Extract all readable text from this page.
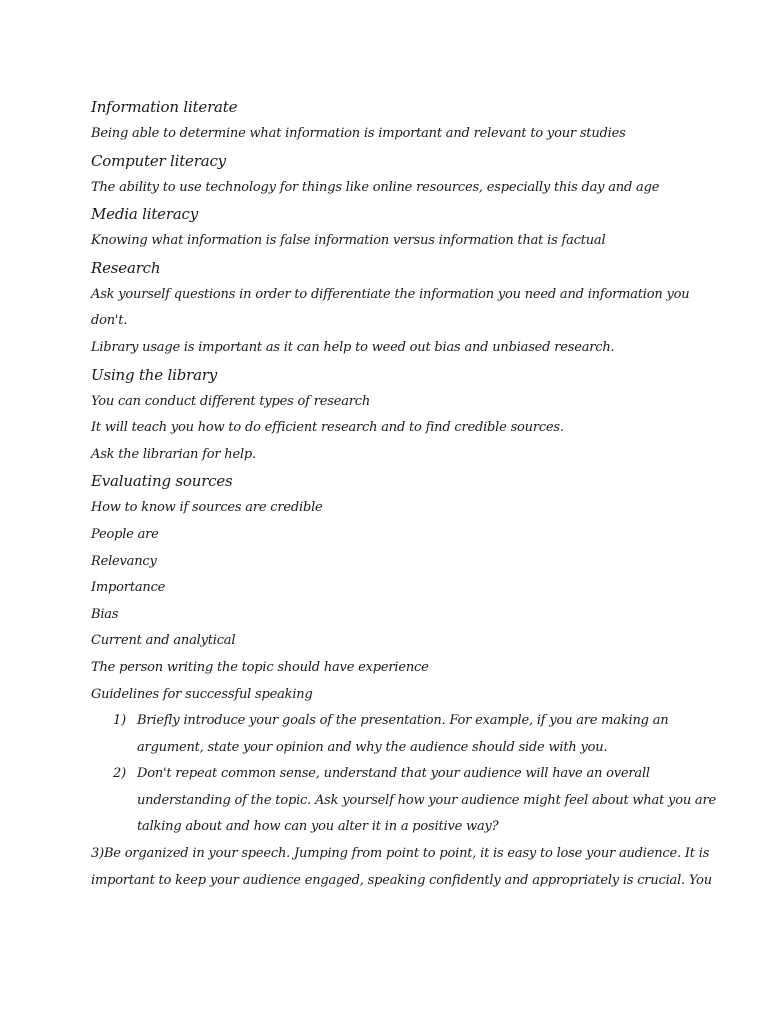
Information literate
Being able to determine what information is important and relevant to your studies
Computer literacy
The ability to use technology for things like online resources, especially this day and age
Media literacy
Knowing what information is false information versus information that is factual
Research
Ask yourself questions in order to differentiate the information you need and information you
don't.
Library usage is important as it can help to weed out bias and unbiased research.
Using the library
You can conduct different types of research
It will teach you how to do efficient research and to find credible sources.
Ask the librarian for help.
Evaluating sources
How to know if sources are credible
People are
Relevancy
Importance
Bias
Current and analytical
The person writing the topic should have experience
Guidelines for successful speaking
1) Briefly introduce your goals of the presentation. For example, if you are making an
argument, state your opinion and why the audience should side with you.
2) Don't repeat common sense, understand that your audience will have an overall
understanding of the topic. Ask yourself how your audience might feel about what you are
talking about and how can you alter it in a positive way?
3)Be organized in your speech. Jumping from point to point, it is easy to lose your audience. It is
important to keep your audience engaged, speaking confidently and appropriately is crucial. You
